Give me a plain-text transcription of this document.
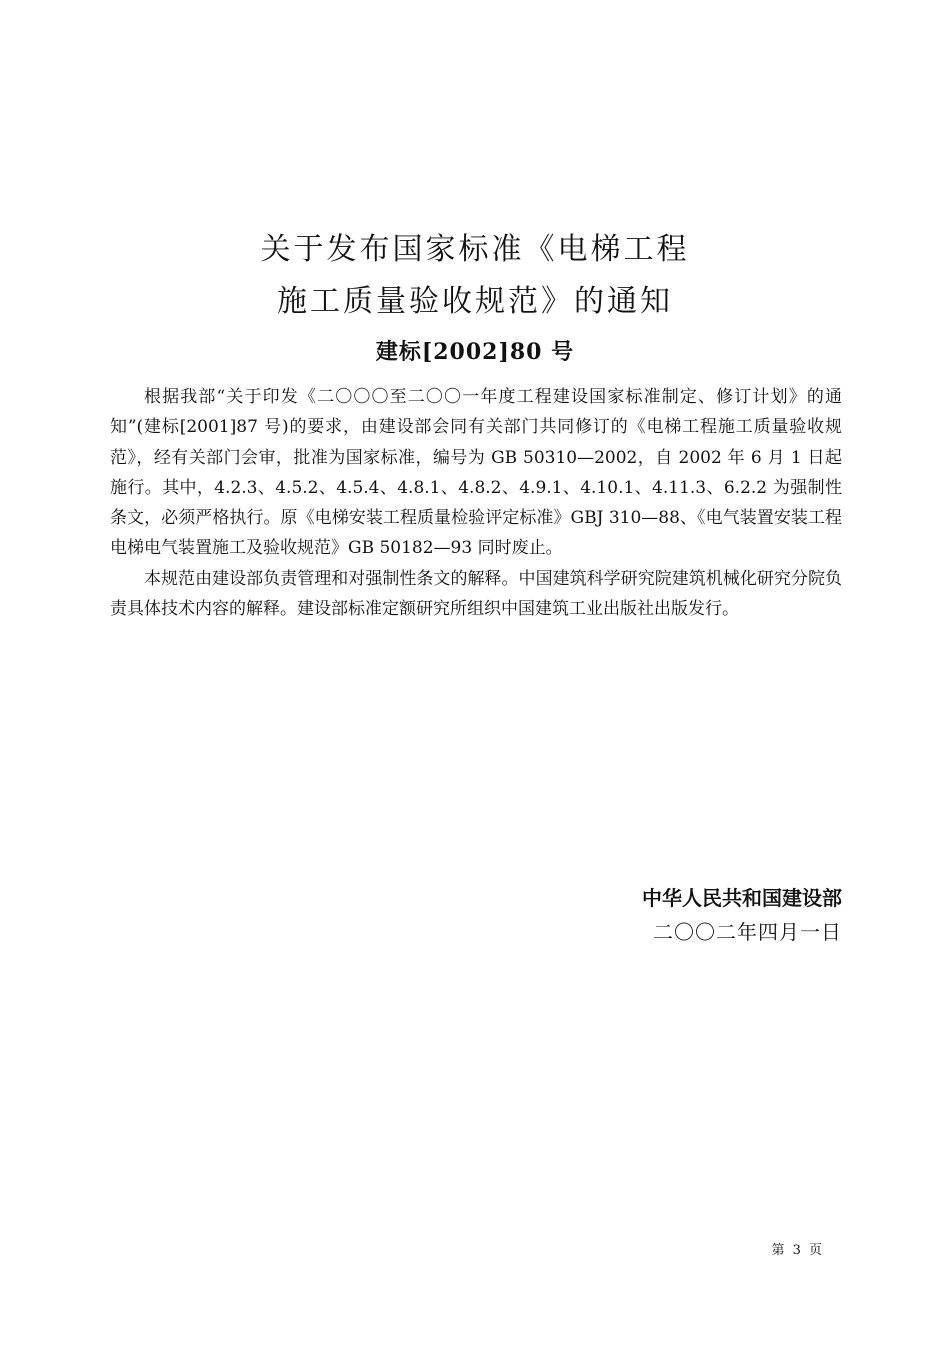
关于发布国家标准《电梯工程
施工质量验收规范》的通知
建标[2002]80 号

根据我部“关于印发《二〇〇〇至二〇〇一年度工程建设国家标准制定、修订计划》的通知”(建标[2001]87 号)的要求，由建设部会同有关部门共同修订的《电梯工程施工质量验收规范》，经有关部门会审，批准为国家标准，编号为 GB 50310—2002，自 2002 年 6 月 1 日起施行。其中，4.2.3、4.5.2、4.5.4、4.8.1、4.8.2、4.9.1、4.10.1、4.11.3、6.2.2 为强制性条文，必须严格执行。原《电梯安装工程质量检验评定标准》GBJ 310—88、《电气装置安装工程　电梯电气装置施工及验收规范》GB 50182—93 同时废止。

本规范由建设部负责管理和对强制性条文的解释。中国建筑科学研究院建筑机械化研究分院负责具体技术内容的解释。建设部标准定额研究所组织中国建筑工业出版社出版发行。

中华人民共和国建设部
二〇〇二年四月一日
第 3 页
